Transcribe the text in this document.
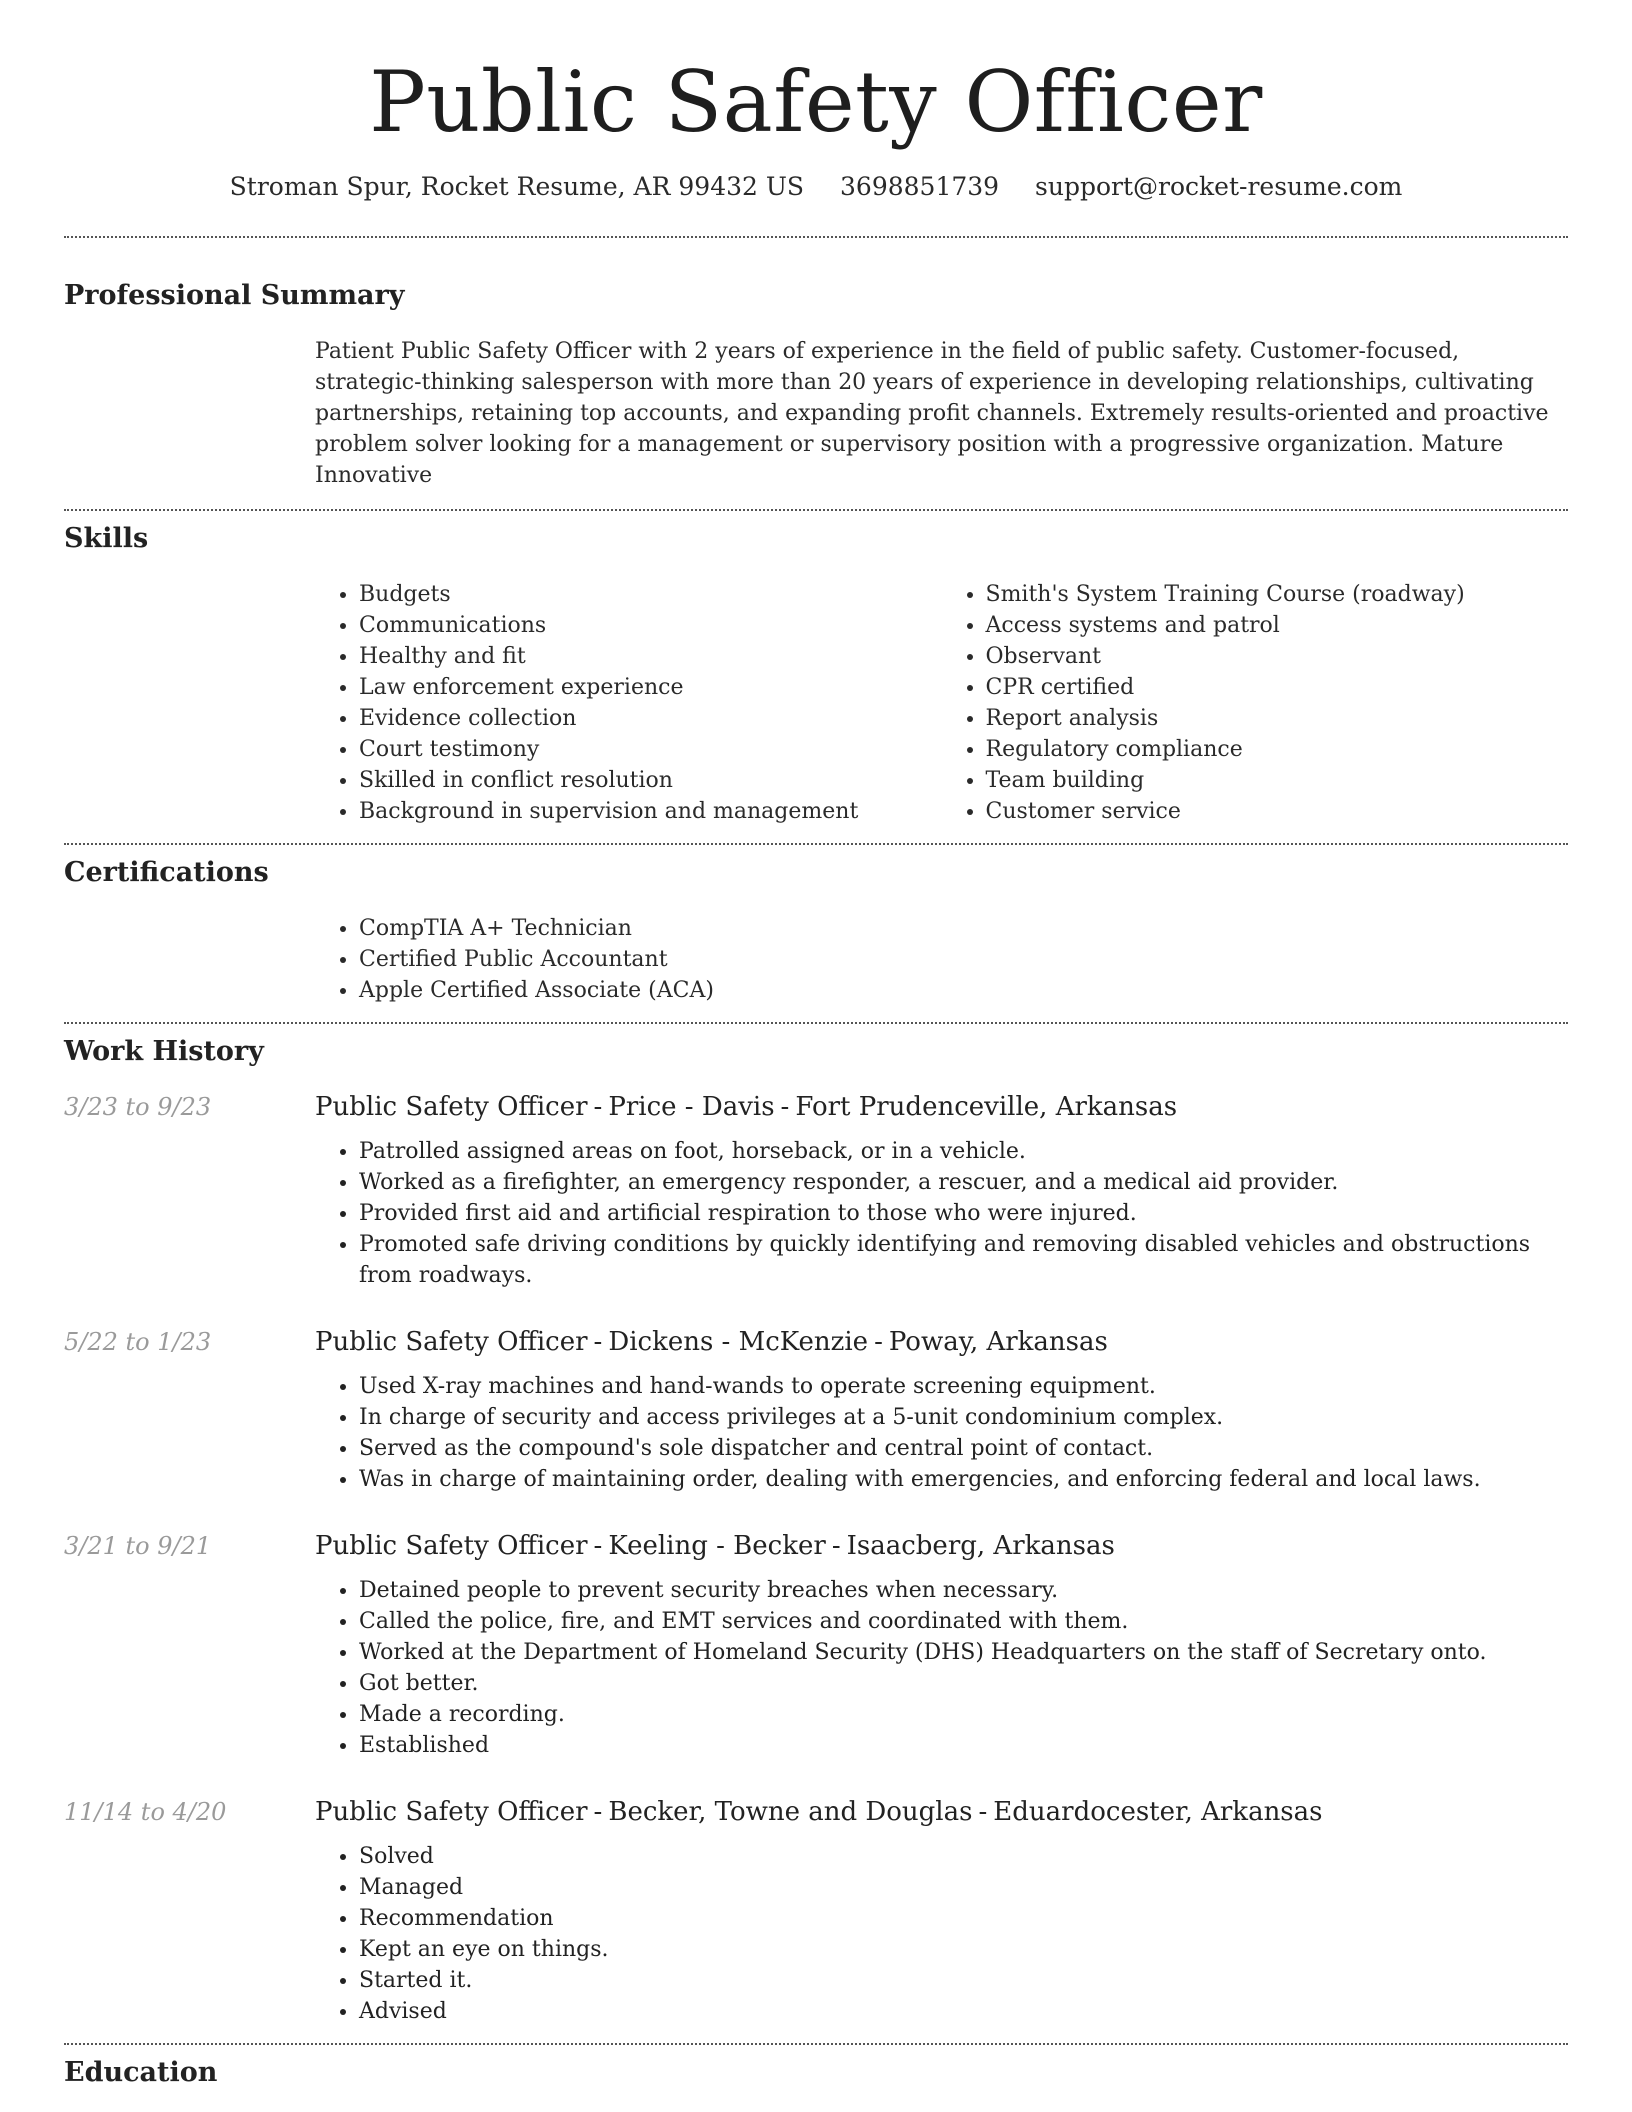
Public Safety Officer
Stroman Spur, Rocket Resume, AR 99432 US 3698851739 support@rocket-resume.com
Professional Summary

Patient Public Safety Officer with 2 years of experience in the field of public safety. Customer-focused, strategic-thinking salesperson with more than 20 years of experience in developing relationships, cultivating partnerships, retaining top accounts, and expanding profit channels. Extremely results-oriented and proactive problem solver looking for a management or supervisory position with a progressive organization. Mature Innovative

Skills
• Budgets
• Communications
• Healthy and fit
• Law enforcement experience
• Evidence collection
• Court testimony
• Skilled in conflict resolution
• Background in supervision and management
• Smith's System Training Course (roadway)
• Access systems and patrol
• Observant
• CPR certified
• Report analysis
• Regulatory compliance
• Team building
• Customer service
Certifications
• CompTIA A+ Technician
• Certified Public Accountant
• Apple Certified Associate (ACA)
Work History
3/23 to 9/23	Public Safety Officer - Price - Davis - Fort Prudenceville, Arkansas
• Patrolled assigned areas on foot, horseback, or in a vehicle.
• Worked as a firefighter, an emergency responder, a rescuer, and a medical aid provider.
• Provided first aid and artificial respiration to those who were injured.
• Promoted safe driving conditions by quickly identifying and removing disabled vehicles and obstructions from roadways.
5/22 to 1/23	Public Safety Officer - Dickens - McKenzie - Poway, Arkansas
• Used X-ray machines and hand-wands to operate screening equipment.
• In charge of security and access privileges at a 5-unit condominium complex.
• Served as the compound's sole dispatcher and central point of contact.
• Was in charge of maintaining order, dealing with emergencies, and enforcing federal and local laws.
3/21 to 9/21	Public Safety Officer - Keeling - Becker - Isaacberg, Arkansas
• Detained people to prevent security breaches when necessary.
• Called the police, fire, and EMT services and coordinated with them.
• Worked at the Department of Homeland Security (DHS) Headquarters on the staff of Secretary onto.
• Got better.
• Made a recording.
• Established
11/14 to 4/20	Public Safety Officer - Becker, Towne and Douglas - Eduardocester, Arkansas
• Solved
• Managed
• Recommendation
• Kept an eye on things.
• Started it.
• Advised
Education
